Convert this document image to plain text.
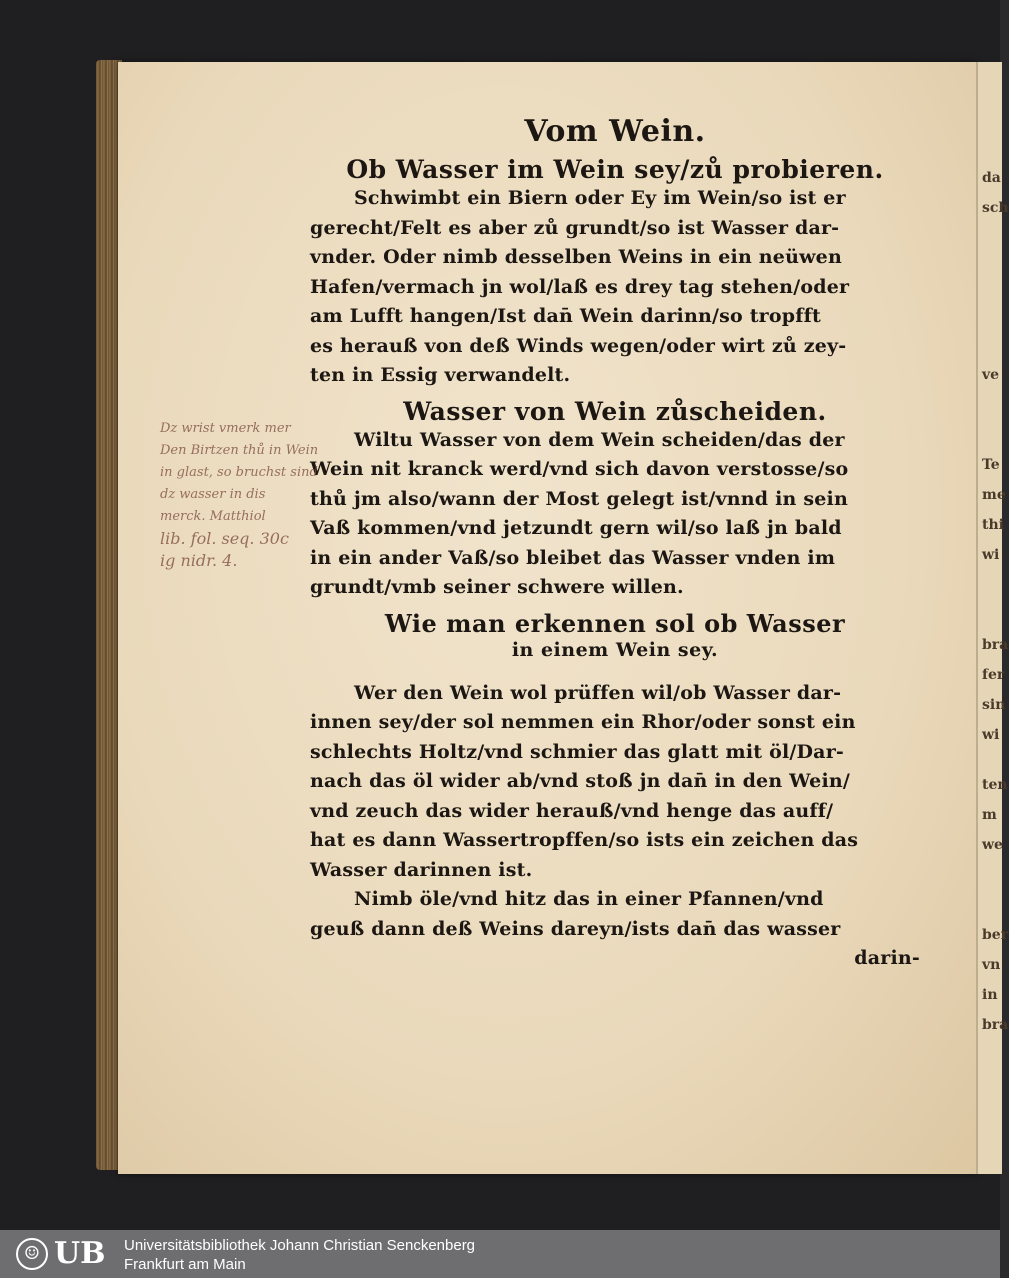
da
sch
ve
Te
me
thi
wi
bra
fer
sin
wi
ten
m
we
ber
vn
in
bra
Vom Wein.
Ob Wasser im Wein sey/zů probieren.
Schwimbt ein Biern oder Ey im Wein/so ist er
gerecht/Felt es aber zů grundt/so ist Wasser dar-
vnder. Oder nimb desselben Weins in ein neüwen
Hafen/vermach jn wol/laß es drey tag stehen/oder
am Lufft hangen/Ist dan̄ Wein darinn/so tropfft
es herauß von deß Winds wegen/oder wirt zů zey-
ten in Essig verwandelt.
Wasser von Wein zůscheiden.
Wiltu Wasser von dem Wein scheiden/das der
Wein nit kranck werd/vnd sich davon verstosse/so
thů jm also/wann der Most gelegt ist/vnnd in sein
Vaß kommen/vnd jetzundt gern wil/so laß jn bald
in ein ander Vaß/so bleibet das Wasser vnden im
grundt/vmb seiner schwere willen.
Wie man erkennen sol ob Wasser
in einem Wein sey.
Wer den Wein wol prüffen wil/ob Wasser dar-
innen sey/der sol nemmen ein Rhor/oder sonst ein
schlechts Holtz/vnd schmier das glatt mit öl/Dar-
nach das öl wider ab/vnd stoß jn dan̄ in den Wein/
vnd zeuch das wider herauß/vnd henge das auff/
hat es dann Wassertropffen/so ists ein zeichen das
Wasser darinnen ist.
Nimb öle/vnd hitz das in einer Pfannen/vnd
geuß dann deß Weins dareyn/ists dan̄ das wasser
darin-
Dz wrist vmerk mer
Den Birtzen thů in Wein
in glast, so bruchst sind
dz wasser in dis
merck. Matthiol
lib. fol. seq. 30c
ig nidr. 4.
☺ UB Universitätsbibliothek Johann Christian Senckenberg
Frankfurt am Main
